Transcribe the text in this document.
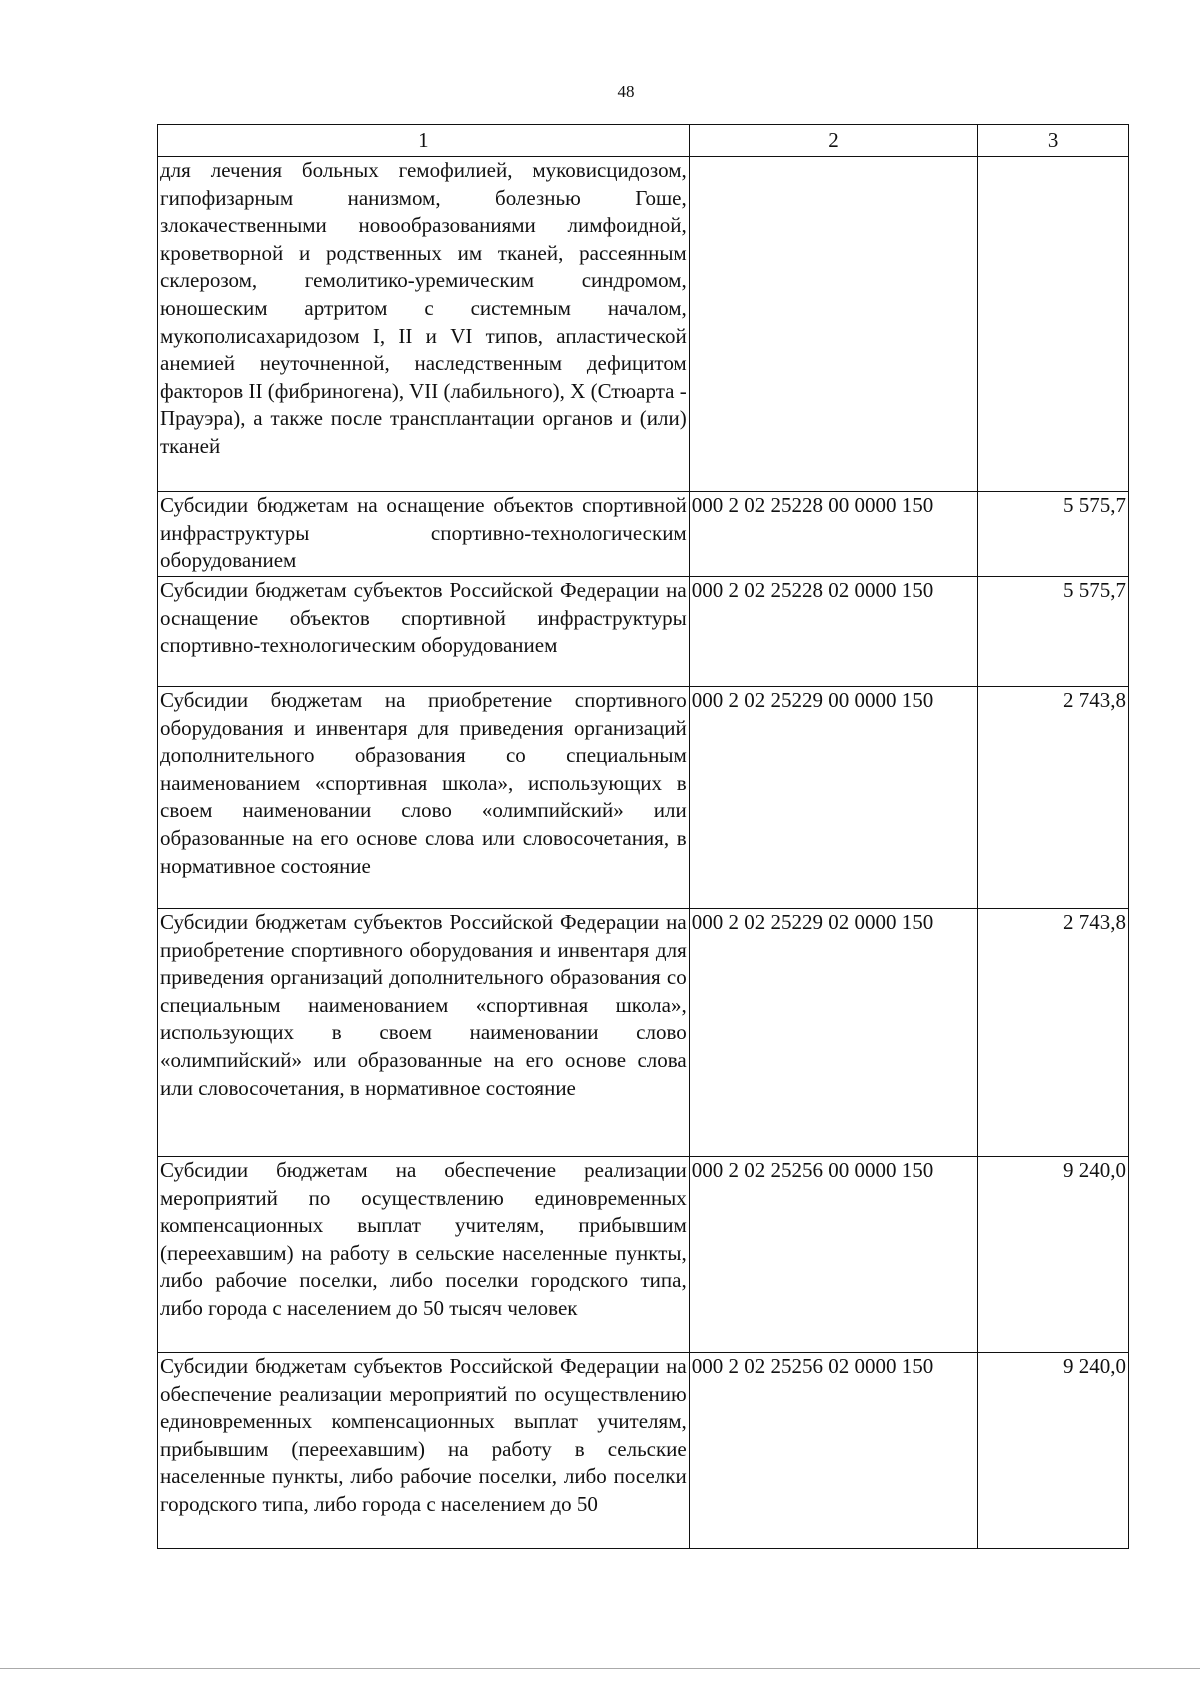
48
1	2	3
для лечения больных гемофилией, муковисцидозом, гипофизарным нанизмом, болезнью Гоше, злокачественными новообразованиями лимфоидной, кроветворной и родственных им тканей, рассеянным склерозом, гемолитико-уремическим синдромом, юношеским артритом с системным началом, мукополисахаридозом I, II и VI типов, апластической анемией неуточненной, наследственным дефицитом факторов II (фибриногена), VII (лабильного), X (Стюарта - Прауэра), а также после трансплантации органов и (или) тканей		
Субсидии бюджетам на оснащение объектов спортивной инфраструктуры спортивно-технологическим оборудованием	000 2 02 25228 00 0000 150	5 575,7
Субсидии бюджетам субъектов Российской Федерации на оснащение объектов спортивной инфраструктуры спортивно-технологическим оборудованием	000 2 02 25228 02 0000 150	5 575,7
Субсидии бюджетам на приобретение спортивного оборудования и инвентаря для приведения организаций дополнительного образования со специальным наименованием «спортивная школа», использующих в своем наименовании слово «олимпийский» или образованные на его основе слова или словосочетания, в нормативное состояние	000 2 02 25229 00 0000 150	2 743,8
Субсидии бюджетам субъектов Российской Федерации на приобретение спортивного оборудования и инвентаря для приведения организаций дополнительного образования со специальным наименованием «спортивная школа», использующих в своем наименовании слово «олимпийский» или образованные на его основе слова или словосочетания, в нормативное состояние	000 2 02 25229 02 0000 150	2 743,8
Субсидии бюджетам на обеспечение реализации мероприятий по осуществлению единовременных компенсационных выплат учителям, прибывшим (переехавшим) на работу в сельские населенные пункты, либо рабочие поселки, либо поселки городского типа, либо города с населением до 50 тысяч человек	000 2 02 25256 00 0000 150	9 240,0
Субсидии бюджетам субъектов Российской Федерации на обеспечение реализации мероприятий по осуществлению единовременных компенсационных выплат учителям, прибывшим (переехавшим) на работу в сельские населенные пункты, либо рабочие поселки, либо поселки городского типа, либо города с населением до 50	000 2 02 25256 02 0000 150	9 240,0
